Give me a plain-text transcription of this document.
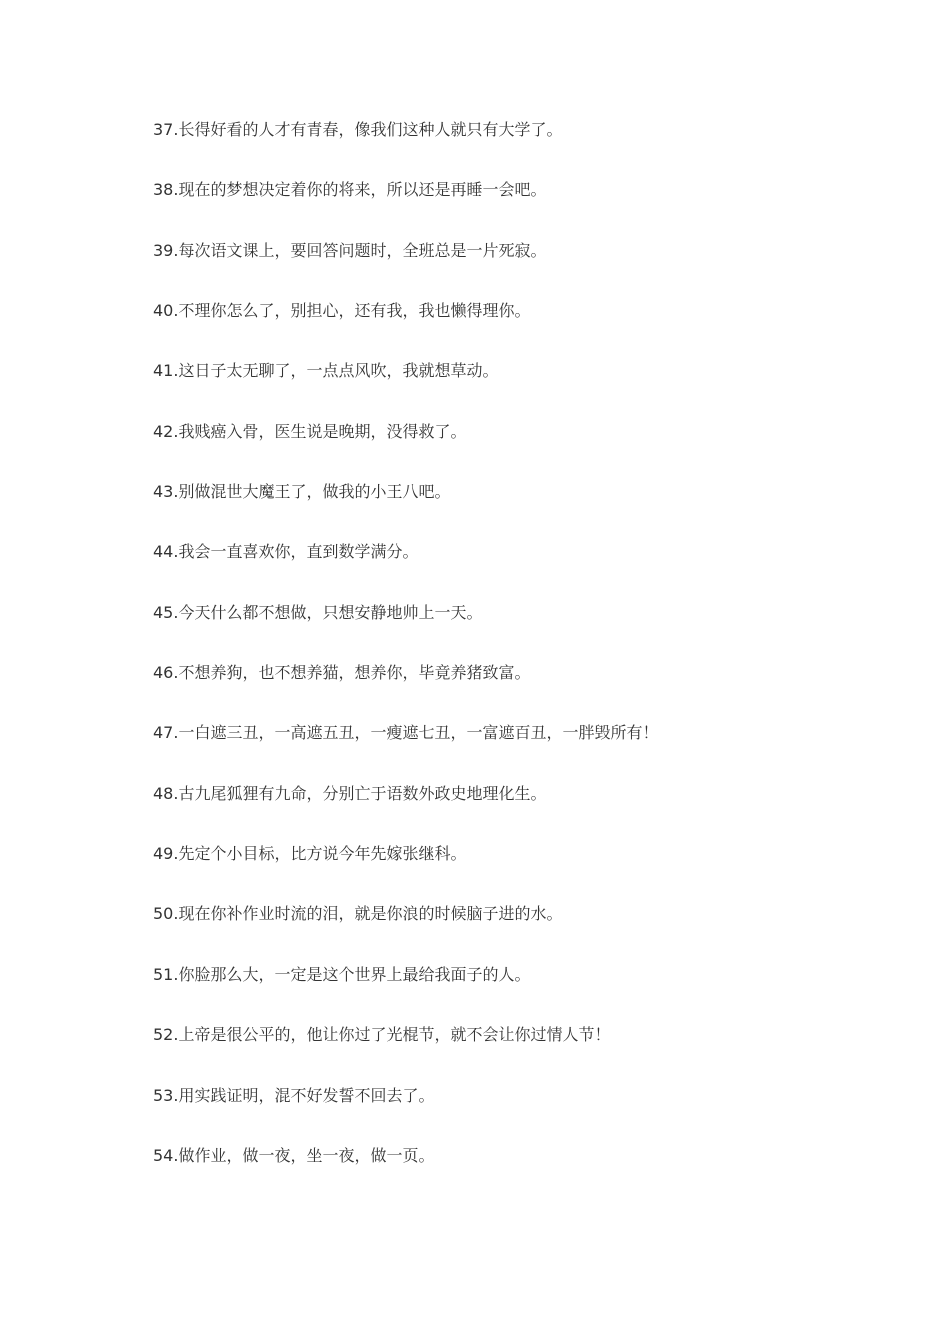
37.长得好看的人才有青春，像我们这种人就只有大学了。
38.现在的梦想决定着你的将来，所以还是再睡一会吧。
39.每次语文课上，要回答问题时，全班总是一片死寂。
40.不理你怎么了，别担心，还有我，我也懒得理你。
41.这日子太无聊了，一点点风吹，我就想草动。
42.我贱癌入骨，医生说是晚期，没得救了。
43.别做混世大魔王了，做我的小王八吧。
44.我会一直喜欢你，直到数学满分。
45.今天什么都不想做，只想安静地帅上一天。
46.不想养狗，也不想养猫，想养你，毕竟养猪致富。
47.一白遮三丑，一高遮五丑，一瘦遮七丑，一富遮百丑，一胖毁所有！
48.古九尾狐狸有九命，分别亡于语数外政史地理化生。
49.先定个小目标，比方说今年先嫁张继科。
50.现在你补作业时流的泪，就是你浪的时候脑子进的水。
51.你脸那么大，一定是这个世界上最给我面子的人。
52.上帝是很公平的，他让你过了光棍节，就不会让你过情人节！
53.用实践证明，混不好发誓不回去了。
54.做作业，做一夜，坐一夜，做一页。
